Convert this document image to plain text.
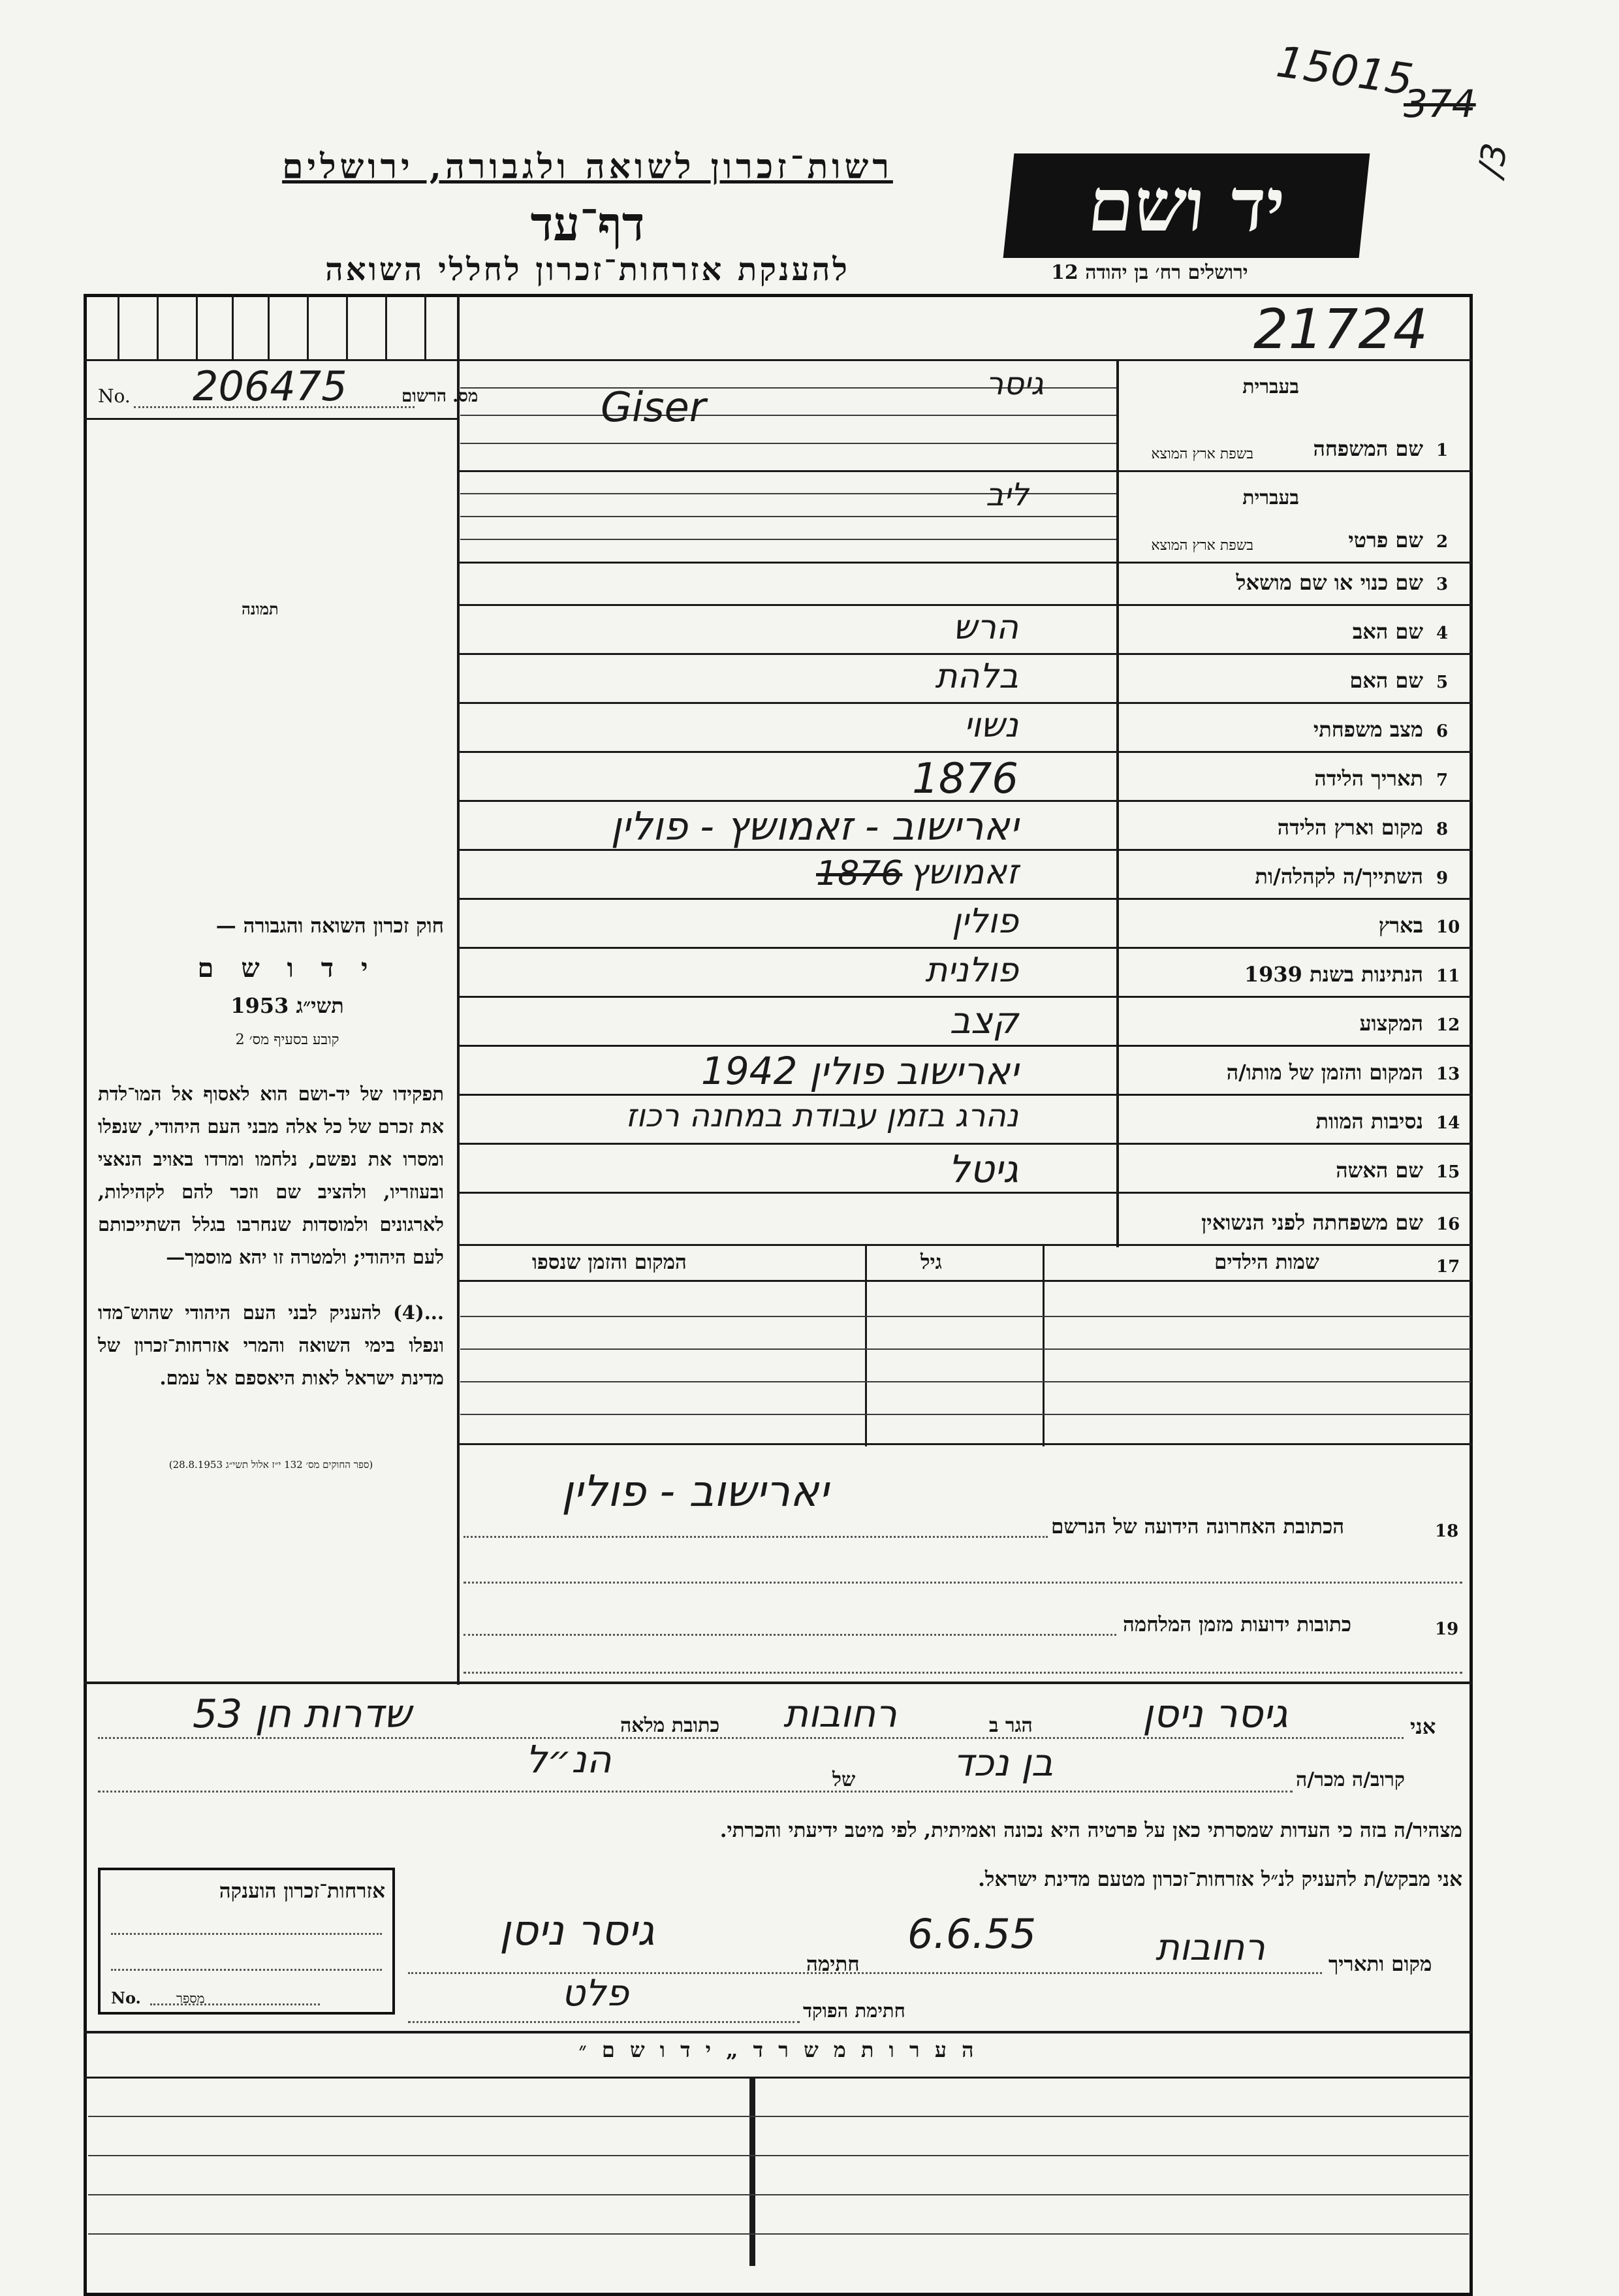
15015
374
/3
רשות־זכרון לשואה ולגבורה, ירושלים
דף־עד
להענקת אזרחות־זכרון לחללי השואה
יד ושם
ירושלים רח׳ בן יהודה 12
21724
No. 206475	מס. הרשום
תמונה
1
שם המשפחה
בעברית
בשפת ארץ המוצא
גיסר
Giser
2
שם פרטי
בעברית
בשפת ארץ המוצא
ליב
3
שם כנוי או שם מושאל
4
שם האב
הרש
5
שם האם
בלהת
6
מצב משפחתי
נשוי
7
תאריך הלידה
1876
8
מקום וארץ הלידה
יארישוב - זאמושץ - פולין
9
השתייך/ה לקהלה/ות
זאמושץ
1876
10
בארץ
פולין
11
הנתינות בשנת 1939
פולנית
12
המקצוע
קצב
13
המקום והזמן של מותו/ה
יארישוב פולין 1942
14
נסיבות המוות
נהרג בזמן עבודת במחנה רכוז
15
שם האשה
גיטל
16
שם משפחתה לפני הנשואין
חוק זכרון השואה והגבורה —
י ד ו ש ם
תשי״ג 1953
קובע בסעיף מס׳ 2
תפקידו של יד-ושם הוא לאסוף אל המו־לדת את זכרם של כל אלה מבני העם היהודי, שנפלו ומסרו את נפשם, נלחמו ומרדו באויב הנאצי ובעוזריו, ולהציב שם וזכר להם לקהילות, לארגונים ולמוסדות שנחרבו בגלל השתייכותם לעם היהודי; ולמטרה זו יהא מוסמך—
...(4) להעניק לבני העם היהודי שהוש־מדו ונפלו בימי השואה והמרי אזרחות־זכרון של מדינת ישראל לאות היאספם אל עמם.
(ספר החוקים מס׳ 132 י״ז אלול תשי״ג 28.8.1953)
שמות הילדים
גיל
המקום והזמן שנספו	17
יארישוב - פולין
הכתובת האחרונה הידועה של הנרשם	18
כתובות ידועות מזמן המלחמה	19
אני
גיסר ניסן
הגר ב
רחובות
כתובת מלאה
שדרות חן 53
קרוב/ה מכר/ה
בן נכד
של
הנ״ל
מצהיר/ה בזה כי העדות שמסרתי כאן על פרטיה היא נכונה ואמיתית, לפי מיטב ידיעתי והכרתי.
אני מבקש/ת להעניק לנ״ל אזרחות־זכרון מטעם מדינת ישראל.
מקום ותאריך
רחובות
6.6.55
חתימה
גיסר ניסן
חתימת הפוקד
פלט
אזרחות־זכרון הוענקה
No.	מספר
ה ע ר ו ת מ ש ר ד „ י ד ו ש ם ״
